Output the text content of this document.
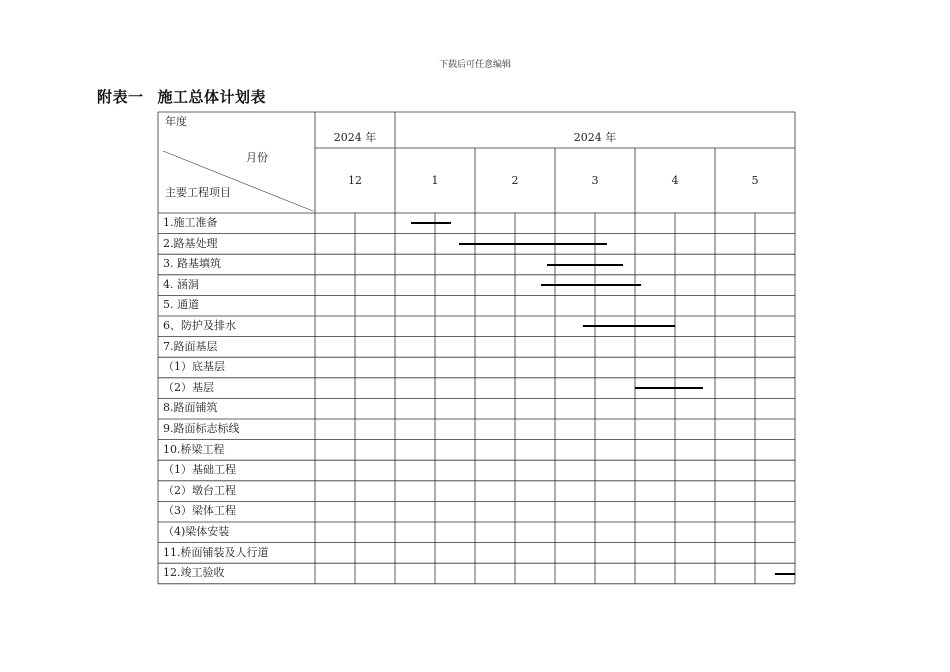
下载后可任意编辑
附表一 施工总体计划表
年度
月份
主要工程项目
2024 年	2024 年
12	1	2	3	4	5
1.施工准备
2.路基处理
3. 路基填筑
4. 涵洞
5. 通道
6、防护及排水
7.路面基层
（1）底基层
（2）基层
8.路面铺筑
9.路面标志标线
10.桥梁工程
（1）基础工程
（2）墩台工程
（3）梁体工程
（4)梁体安装
11.桥面铺装及人行道
12.竣工验收
